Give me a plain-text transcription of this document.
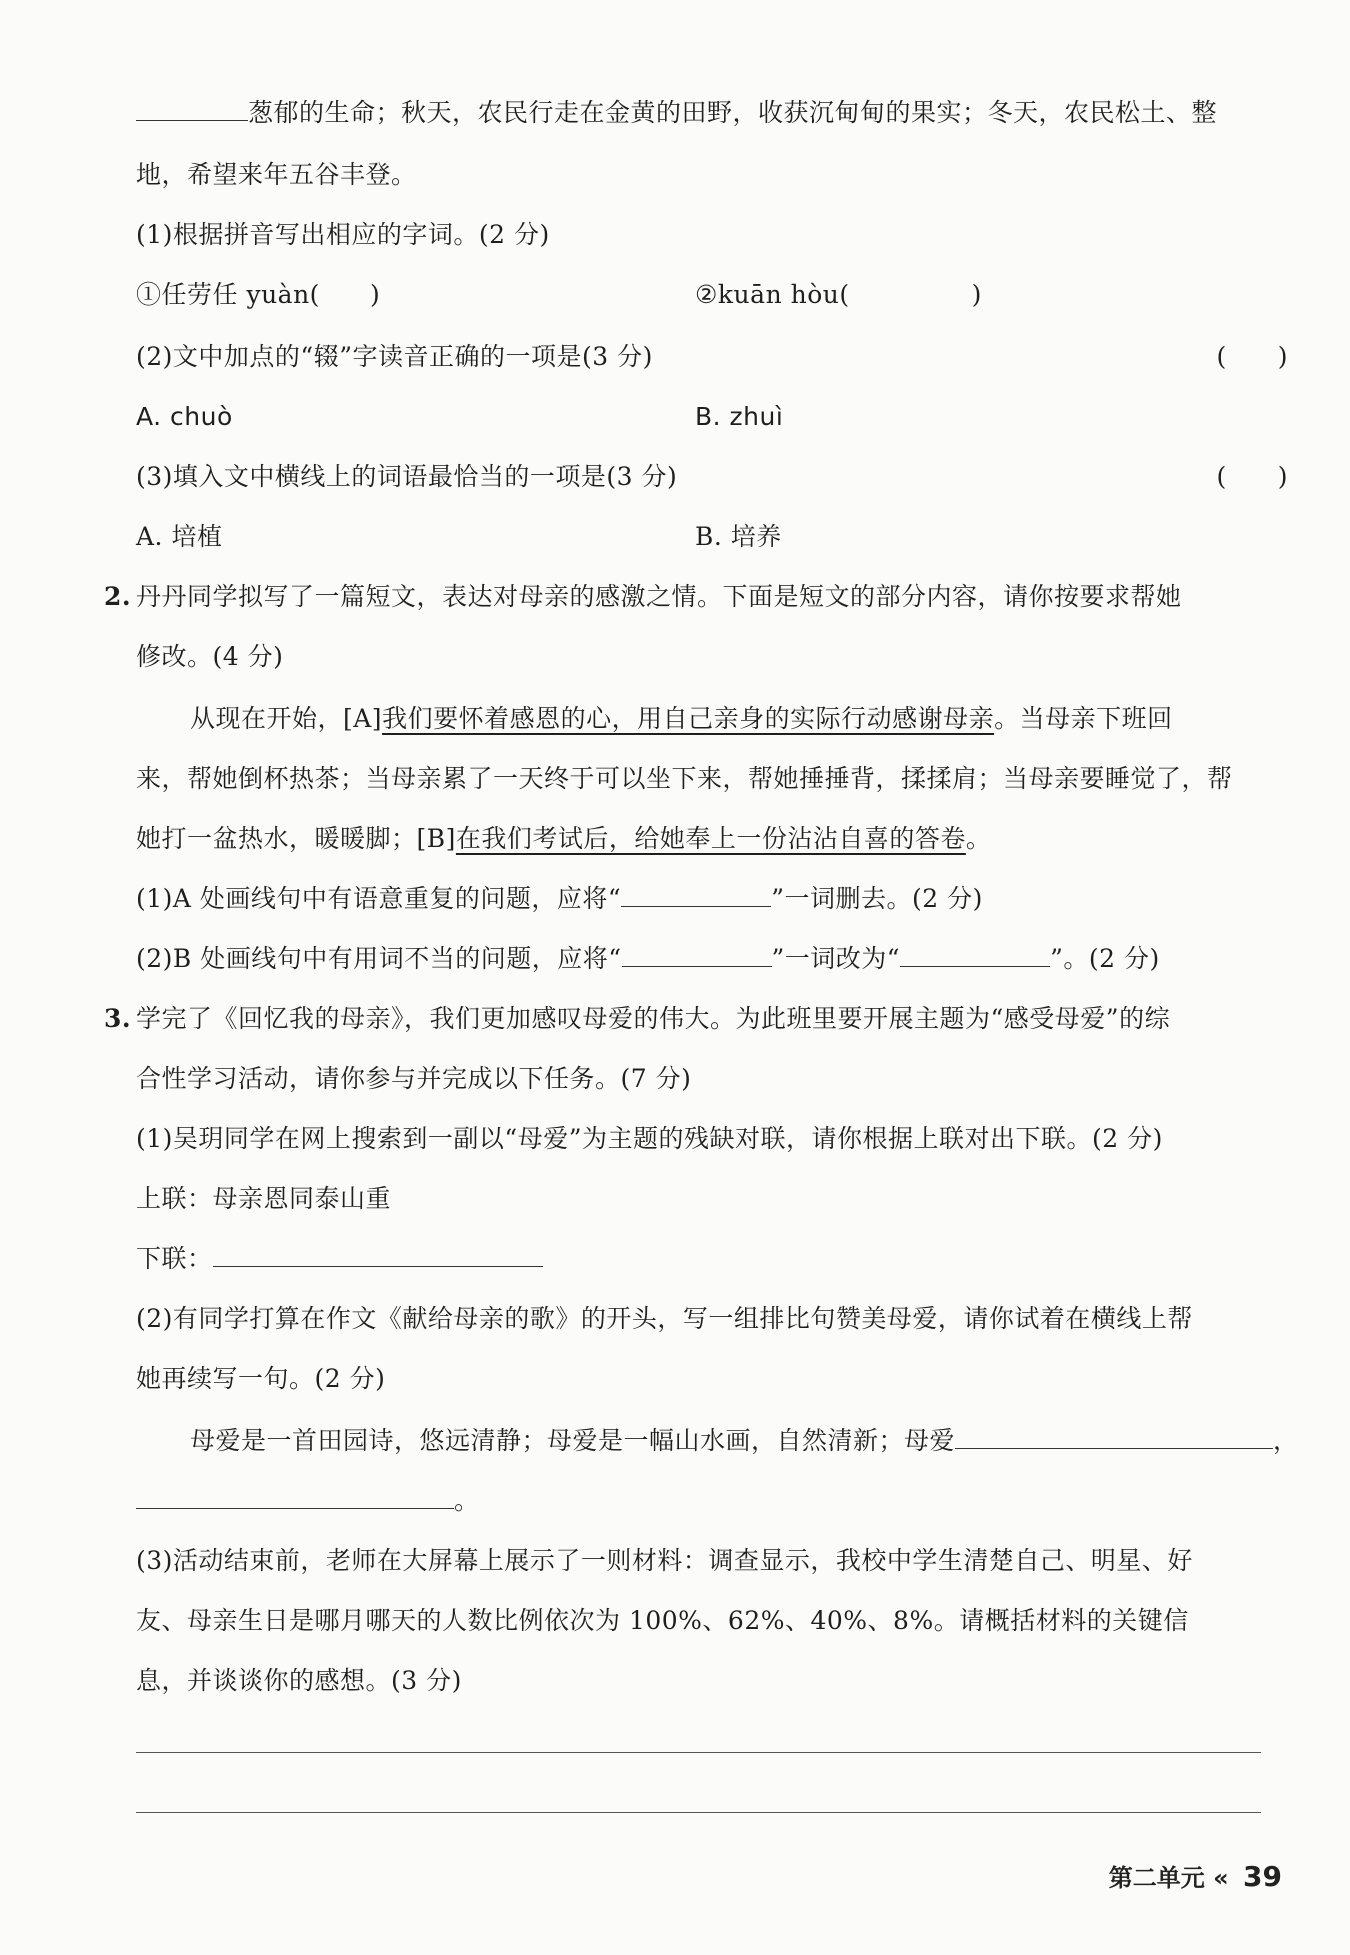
葱郁的生命；秋天，农民行走在金黄的田野，收获沉甸甸的果实；冬天，农民松土、整
地，希望来年五谷丰登。
(1)根据拼音写出相应的字词。(2 分)
①任劳任 yuàn( )	②kuān hòu(	)
(2)文中加点的“辍”字读音正确的一项是(3 分)	(　　)
A. chuò	B. zhuì
(3)填入文中横线上的词语最恰当的一项是(3 分)	(　　)
A. 培植	B. 培养
2. 丹丹同学拟写了一篇短文，表达对母亲的感激之情。下面是短文的部分内容，请你按要求帮她
修改。(4 分)
从现在开始，[A]我们要怀着感恩的心，用自己亲身的实际行动感谢母亲。当母亲下班回
来，帮她倒杯热茶；当母亲累了一天终于可以坐下来，帮她捶捶背，揉揉肩；当母亲要睡觉了，帮
她打一盆热水，暖暖脚；[B]在我们考试后，给她奉上一份沾沾自喜的答卷。
(1)A 处画线句中有语意重复的问题，应将“	”一词删去。(2 分)
(2)B 处画线句中有用词不当的问题，应将“	”一词改为“	”。(2 分)
3. 学完了《回忆我的母亲》，我们更加感叹母爱的伟大。为此班里要开展主题为“感受母爱”的综
合性学习活动，请你参与并完成以下任务。(7 分)
(1)吴玥同学在网上搜索到一副以“母爱”为主题的残缺对联，请你根据上联对出下联。(2 分)
上联：母亲恩同泰山重
下联：
(2)有同学打算在作文《献给母亲的歌》的开头，写一组排比句赞美母爱，请你试着在横线上帮
她再续写一句。(2 分)
母爱是一首田园诗，悠远清静；母爱是一幅山水画，自然清新；母爱	，
。
(3)活动结束前，老师在大屏幕上展示了一则材料：调查显示，我校中学生清楚自己、明星、好
友、母亲生日是哪月哪天的人数比例依次为 100%、62%、40%、8%。请概括材料的关键信
息，并谈谈你的感想。(3 分)
第二单元 « 39
